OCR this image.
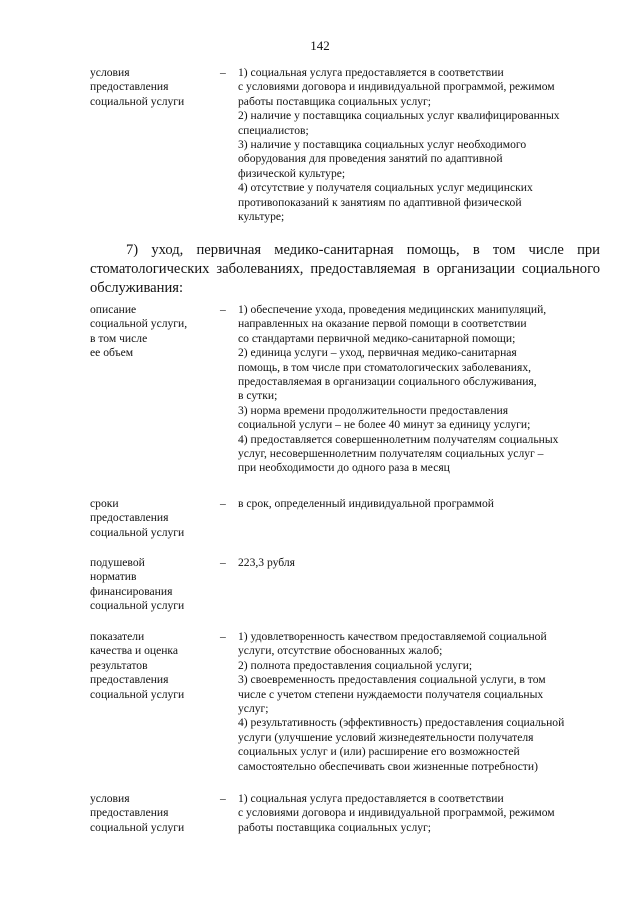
142
условия
предоставления
социальной услуги
–	1) социальная услуга предоставляется в соответствии
с условиями договора и индивидуальной программой, режимом
работы поставщика социальных услуг;

2) наличие у поставщика социальных услуг квалифицированных
специалистов;

3) наличие у поставщика социальных услуг необходимого
оборудования для проведения занятий по адаптивной
физической культуре;

4) отсутствие у получателя социальных услуг медицинских
противопоказаний к занятиям по адаптивной физической
культуре;

7) уход, первичная медико-санитарная помощь, в том числе при стоматологических заболеваниях, предоставляемая в организации социального обслуживания:
описание
социальной услуги,
в том числе
ее объем
–	1) обеспечение ухода, проведения медицинских манипуляций,
направленных на оказание первой помощи в соответствии
со стандартами первичной медико-санитарной помощи;

2) единица услуги – уход, первичная медико-санитарная
помощь, в том числе при стоматологических заболеваниях,
предоставляемая в организации социального обслуживания,
в сутки;

3) норма времени продолжительности предоставления
социальной услуги – не более 40 минут за единицу услуги;

4) предоставляется совершеннолетним получателям социальных
услуг, несовершеннолетним получателям социальных услуг –
при необходимости до одного раза в месяц

сроки
предоставления
социальной услуги
–	в срок, определенный индивидуальной программой
подушевой
норматив
финансирования
социальной услуги
–	223,3 рубля
показатели
качества и оценка
результатов
предоставления
социальной услуги
–	1) удовлетворенность качеством предоставляемой социальной
услуги, отсутствие обоснованных жалоб;

2) полнота предоставления социальной услуги;

3) своевременность предоставления социальной услуги, в том
числе с учетом степени нуждаемости получателя социальных
услуг;

4) результативность (эффективность) предоставления социальной
услуги (улучшение условий жизнедеятельности получателя
социальных услуг и (или) расширение его возможностей
самостоятельно обеспечивать свои жизненные потребности)

условия
предоставления
социальной услуги
–	1) социальная услуга предоставляется в соответствии
с условиями договора и индивидуальной программой, режимом
работы поставщика социальных услуг;
